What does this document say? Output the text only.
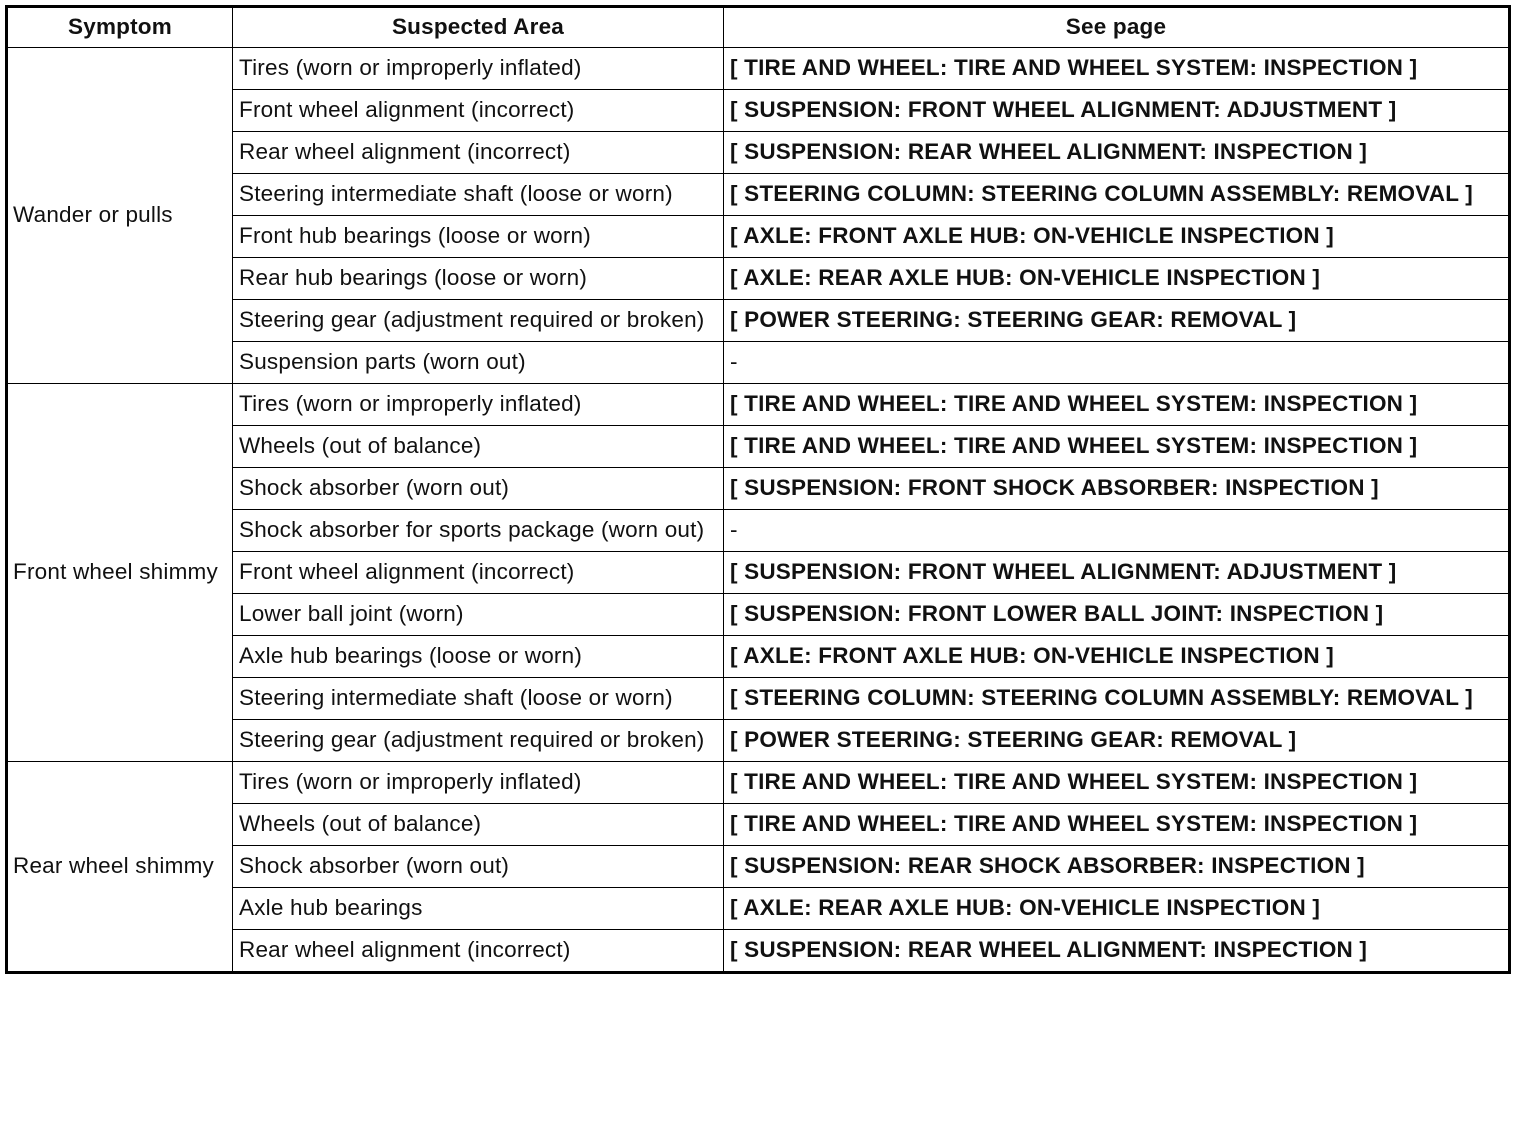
Symptom	Suspected Area	See page
Wander or pulls	Tires (worn or improperly inflated)	[ TIRE AND WHEEL: TIRE AND WHEEL SYSTEM: INSPECTION ]
	Front wheel alignment (incorrect)	[ SUSPENSION: FRONT WHEEL ALIGNMENT: ADJUSTMENT ]
	Rear wheel alignment (incorrect)	[ SUSPENSION: REAR WHEEL ALIGNMENT: INSPECTION ]
	Steering intermediate shaft (loose or worn)	[ STEERING COLUMN: STEERING COLUMN ASSEMBLY: REMOVAL ]
	Front hub bearings (loose or worn)	[ AXLE: FRONT AXLE HUB: ON-VEHICLE INSPECTION ]
	Rear hub bearings (loose or worn)	[ AXLE: REAR AXLE HUB: ON-VEHICLE INSPECTION ]
	Steering gear (adjustment required or broken)	[ POWER STEERING: STEERING GEAR: REMOVAL ]
	Suspension parts (worn out)	-
Front wheel shimmy	Tires (worn or improperly inflated)	[ TIRE AND WHEEL: TIRE AND WHEEL SYSTEM: INSPECTION ]
	Wheels (out of balance)	[ TIRE AND WHEEL: TIRE AND WHEEL SYSTEM: INSPECTION ]
	Shock absorber (worn out)	[ SUSPENSION: FRONT SHOCK ABSORBER: INSPECTION ]
	Shock absorber for sports package (worn out)	-
	Front wheel alignment (incorrect)	[ SUSPENSION: FRONT WHEEL ALIGNMENT: ADJUSTMENT ]
	Lower ball joint (worn)	[ SUSPENSION: FRONT LOWER BALL JOINT: INSPECTION ]
	Axle hub bearings (loose or worn)	[ AXLE: FRONT AXLE HUB: ON-VEHICLE INSPECTION ]
	Steering intermediate shaft (loose or worn)	[ STEERING COLUMN: STEERING COLUMN ASSEMBLY: REMOVAL ]
	Steering gear (adjustment required or broken)	[ POWER STEERING: STEERING GEAR: REMOVAL ]
Rear wheel shimmy	Tires (worn or improperly inflated)	[ TIRE AND WHEEL: TIRE AND WHEEL SYSTEM: INSPECTION ]
	Wheels (out of balance)	[ TIRE AND WHEEL: TIRE AND WHEEL SYSTEM: INSPECTION ]
	Shock absorber (worn out)	[ SUSPENSION: REAR SHOCK ABSORBER: INSPECTION ]
	Axle hub bearings	[ AXLE: REAR AXLE HUB: ON-VEHICLE INSPECTION ]
	Rear wheel alignment (incorrect)	[ SUSPENSION: REAR WHEEL ALIGNMENT: INSPECTION ]
